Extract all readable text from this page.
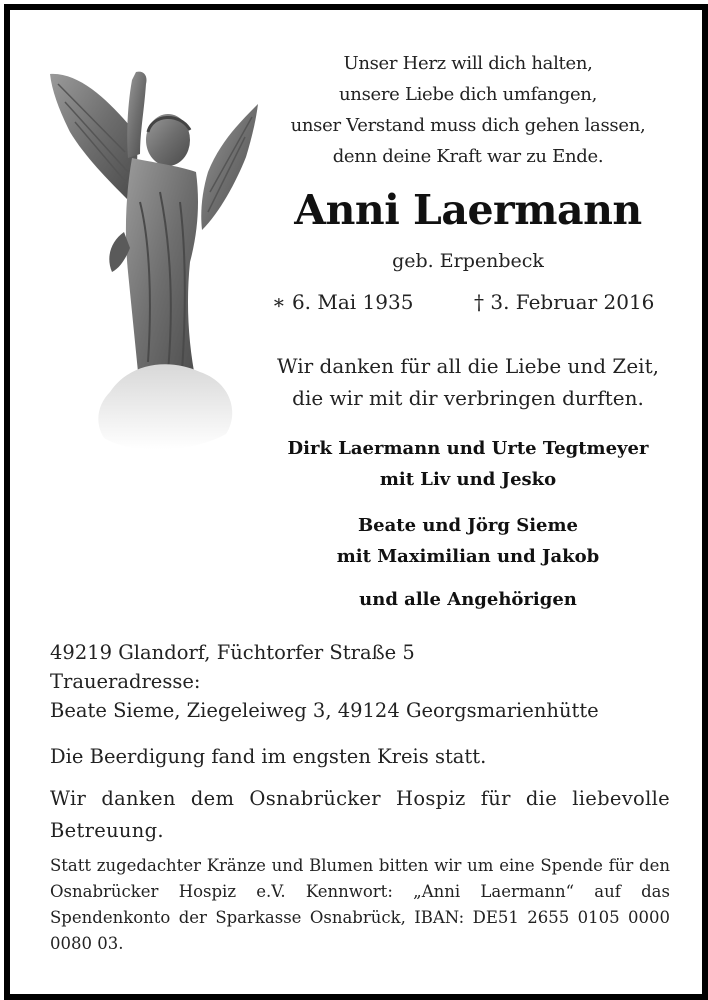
Unser Herz will dich halten,
unsere Liebe dich umfangen,
unser Verstand muss dich gehen lassen,
denn deine Kraft war zu Ende.
Anni Laermann
geb. Erpenbeck
∗ 6. Mai 1935	† 3. Februar 2016
Wir danken für all die Liebe und Zeit,
die wir mit dir verbringen durften.
Dirk Laermann und Urte Tegtmeyer
mit Liv und Jesko
Beate und Jörg Sieme
mit Maximilian und Jakob
und alle Angehörigen
49219 Glandorf, Füchtorfer Straße 5
Traueradresse:
Beate Sieme, Ziegeleiweg 3, 49124 Georgsmarienhütte
Die Beerdigung fand im engsten Kreis statt.
Wir danken dem Osnabrücker Hospiz für die liebevolle Betreuung.
Statt zugedachter Kränze und Blumen bitten wir um eine Spende für den Osnabrücker Hospiz e.V. Kennwort: „Anni Laermann“ auf das Spendenkonto der Sparkasse Osnabrück, IBAN: DE51 2655 0105 0000 0080 03.
